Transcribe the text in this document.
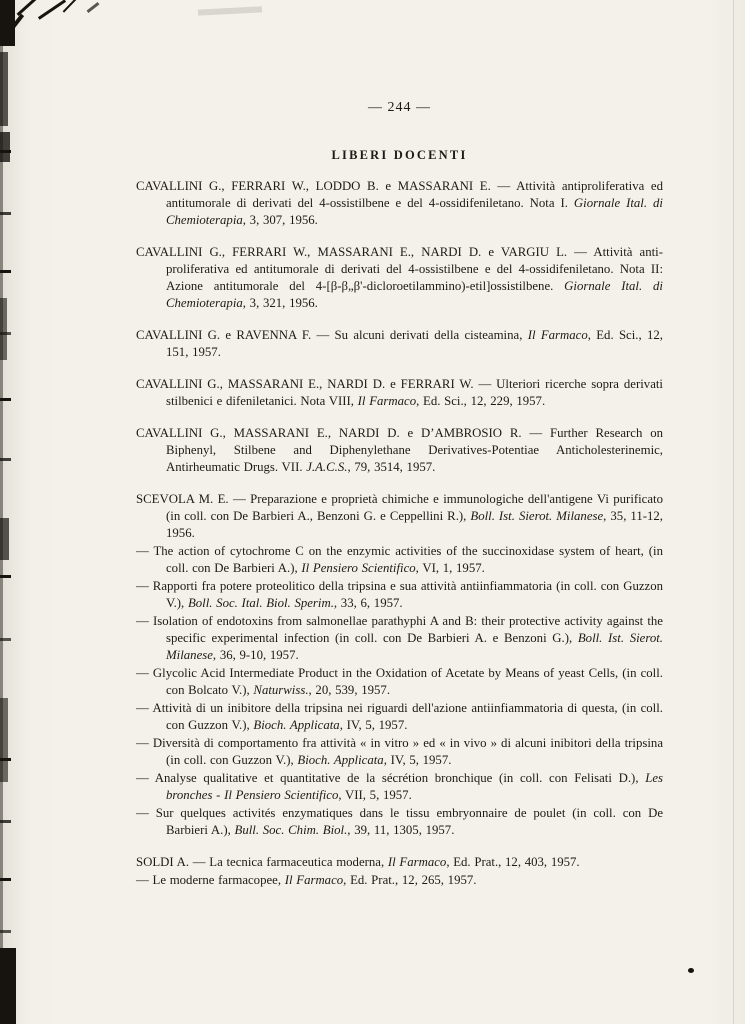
— 244 —
LIBERI DOCENTI

CAVALLINI G., FERRARI W., LODDO B. e MASSARANI E. — Attività antiproliferativa ed antitumorale di derivati del 4-ossistilbene e del 4-ossidifeniletano. Nota I. Giornale Ital. di Chemioterapia, 3, 307, 1956.

CAVALLINI G., FERRARI W., MASSARANI E., NARDI D. e VARGIU L. — Attività antiproliferativa ed antitumorale di derivati del 4-ossistilbene e del 4-ossidifeniletano. Nota II: Azione antitumorale del 4-[β-β„β'-dicloroetilammino)-etil]ossistilbene. Giornale Ital. di Chemioterapia, 3, 321, 1956.

CAVALLINI G. e RAVENNA F. — Su alcuni derivati della cisteamina, Il Farmaco, Ed. Sci., 12, 151, 1957.

CAVALLINI G., MASSARANI E., NARDI D. e FERRARI W. — Ulteriori ricerche sopra derivati stilbenici e difeniletanici. Nota VIII, Il Farmaco, Ed. Sci., 12, 229, 1957.

CAVALLINI G., MASSARANI E., NARDI D. e D’AMBROSIO R. — Further Research on Biphenyl, Stilbene and Diphenylethane Derivatives-Potentiae Anticholesterinemic, Antirheumatic Drugs. VII. J.A.C.S., 79, 3514, 1957.

SCEVOLA M. E. — Preparazione e proprietà chimiche e immunologiche dell'antigene Vi purificato (in coll. con De Barbieri A., Benzoni G. e Ceppellini R.), Boll. Ist. Sierot. Milanese, 35, 11-12, 1956.

— The action of cytochrome C on the enzymic activities of the succinoxidase system of heart, (in coll. con De Barbieri A.), Il Pensiero Scientifico, VI, 1, 1957.

— Rapporti fra potere proteolitico della tripsina e sua attività antiinfiammatoria (in coll. con Guzzon V.), Boll. Soc. Ital. Biol. Sperim., 33, 6, 1957.

— Isolation of endotoxins from salmonellae parathyphi A and B: their protective activity against the specific experimental infection (in coll. con De Barbieri A. e Benzoni G.), Boll. Ist. Sierot. Milanese, 36, 9-10, 1957.

— Glycolic Acid Intermediate Product in the Oxidation of Acetate by Means of yeast Cells, (in coll. con Bolcato V.), Naturwiss., 20, 539, 1957.

— Attività di un inibitore della tripsina nei riguardi dell'azione antiinfiammatoria di questa, (in coll. con Guzzon V.), Bioch. Applicata, IV, 5, 1957.

— Diversità di comportamento fra attività « in vitro » ed « in vivo » di alcuni inibitori della tripsina (in coll. con Guzzon V.), Bioch. Applicata, IV, 5, 1957.

— Analyse qualitative et quantitative de la sécrétion bronchique (in coll. con Felisati D.), Les bronches - Il Pensiero Scientifico, VII, 5, 1957.

— Sur quelques activités enzymatiques dans le tissu embryonnaire de poulet (in coll. con De Barbieri A.), Bull. Soc. Chim. Biol., 39, 11, 1305, 1957.

SOLDI A. — La tecnica farmaceutica moderna, Il Farmaco, Ed. Prat., 12, 403, 1957.

— Le moderne farmacopee, Il Farmaco, Ed. Prat., 12, 265, 1957.
